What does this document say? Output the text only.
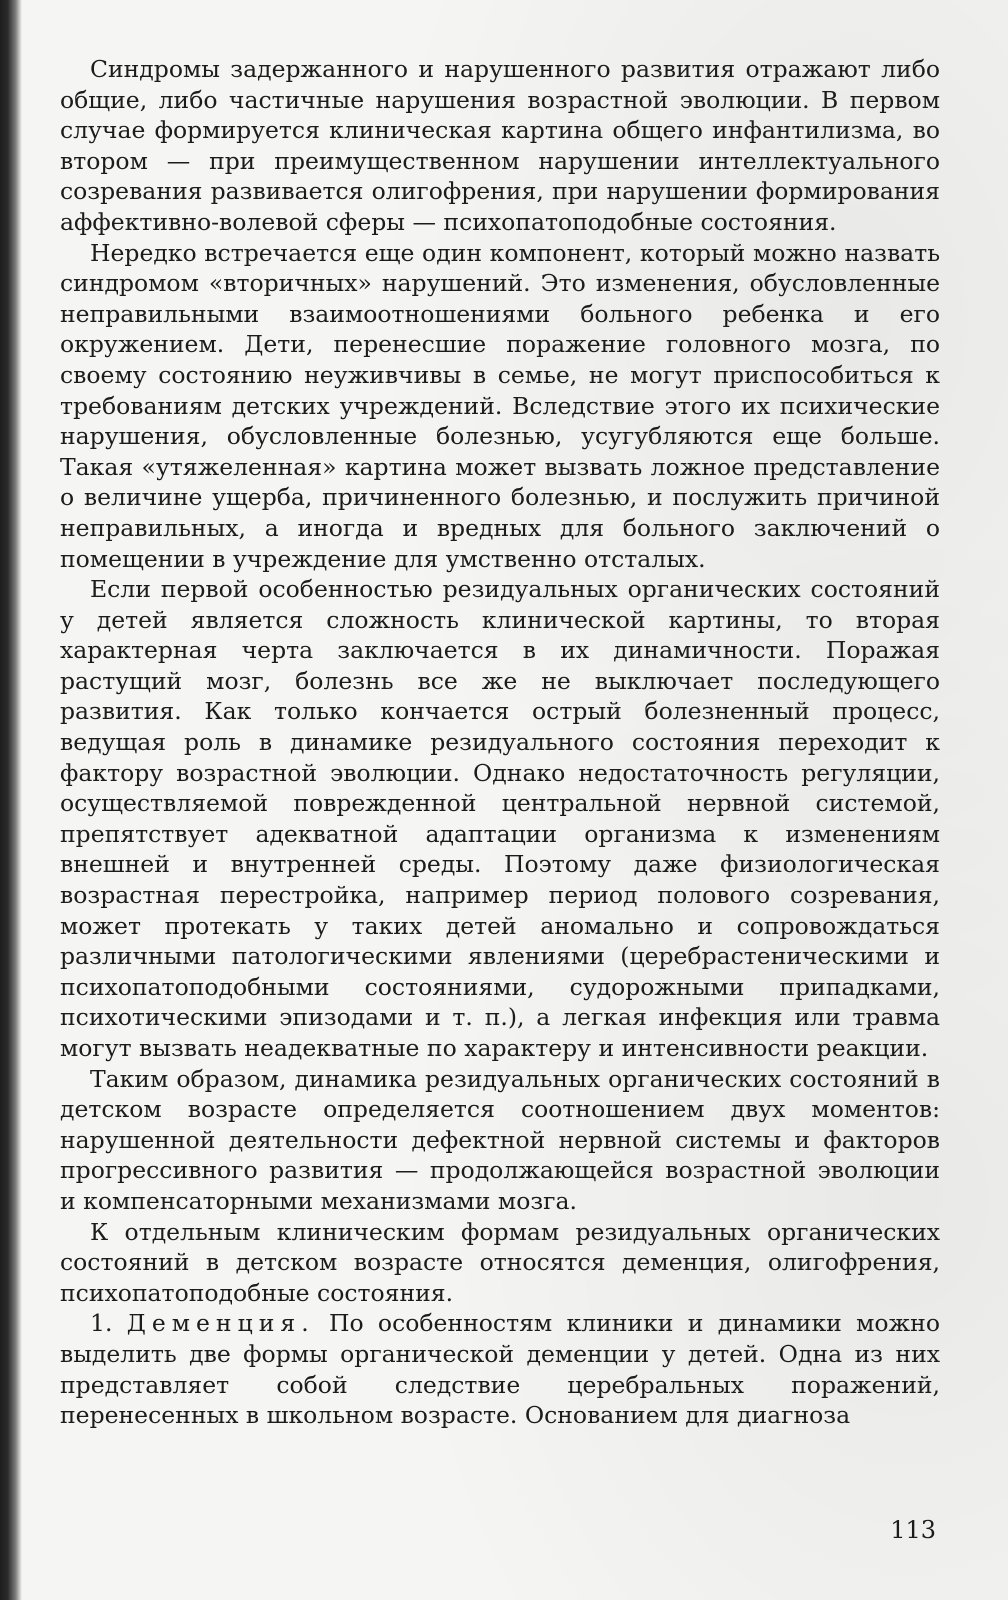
Синдромы задержанного и нарушенного развития отражают либо общие, либо частичные нарушения возрастной эволюции. В первом случае формируется клиническая картина общего инфантилизма, во втором — при преимущественном нарушении интеллектуального созревания развивается олигофрения, при нарушении формирования аффективно-волевой сферы — психопатоподобные состояния.

Нередко встречается еще один компонент, который можно назвать синдромом «вторичных» нарушений. Это изменения, обусловленные неправильными взаимоотношениями больного ребенка и его окружением. Дети, перенесшие поражение головного мозга, по своему состоянию неуживчивы в семье, не могут приспособиться к требованиям детских учреждений. Вследствие этого их психические нарушения, обусловленные болезнью, усугубляются еще больше. Такая «утяжеленная» картина может вызвать ложное представление о величине ущерба, причиненного болезнью, и послужить причиной неправильных, а иногда и вредных для больного заключений о помещении в учреждение для умственно отсталых.

Если первой особенностью резидуальных органических состояний у детей является сложность клинической картины, то вторая характерная черта заключается в их динамичности. Поражая растущий мозг, болезнь все же не выключает последующего развития. Как только кончается острый болезненный процесс, ведущая роль в динамике резидуального состояния переходит к фактору возрастной эволюции. Однако недостаточность регуляции, осуществляемой поврежденной центральной нервной системой, препятствует адекватной адаптации организма к изменениям внешней и внутренней среды. Поэтому даже физиологическая возрастная перестройка, например период полового созревания, может протекать у таких детей аномально и сопровождаться различными патологическими явлениями (церебрастеническими и психопатоподобными состояниями, судорожными припадками, психотическими эпизодами и т. п.), а легкая инфекция или травма могут вызвать неадекватные по характеру и интенсивности реакции.

Таким образом, динамика резидуальных органических состояний в детском возрасте определяется соотношением двух моментов: нарушенной деятельности дефектной нервной системы и факторов прогрессивного развития — продолжающейся возрастной эволюции и компенсаторными механизмами мозга.

К отдельным клиническим формам резидуальных органических состояний в детском возрасте относятся деменция, олигофрения, психопатоподобные состояния.

1. Деменция. По особенностям клиники и динамики можно выделить две формы органической деменции у детей. Одна из них представляет собой следствие церебральных поражений, перенесенных в школьном возрасте. Основанием для диагноза

113
